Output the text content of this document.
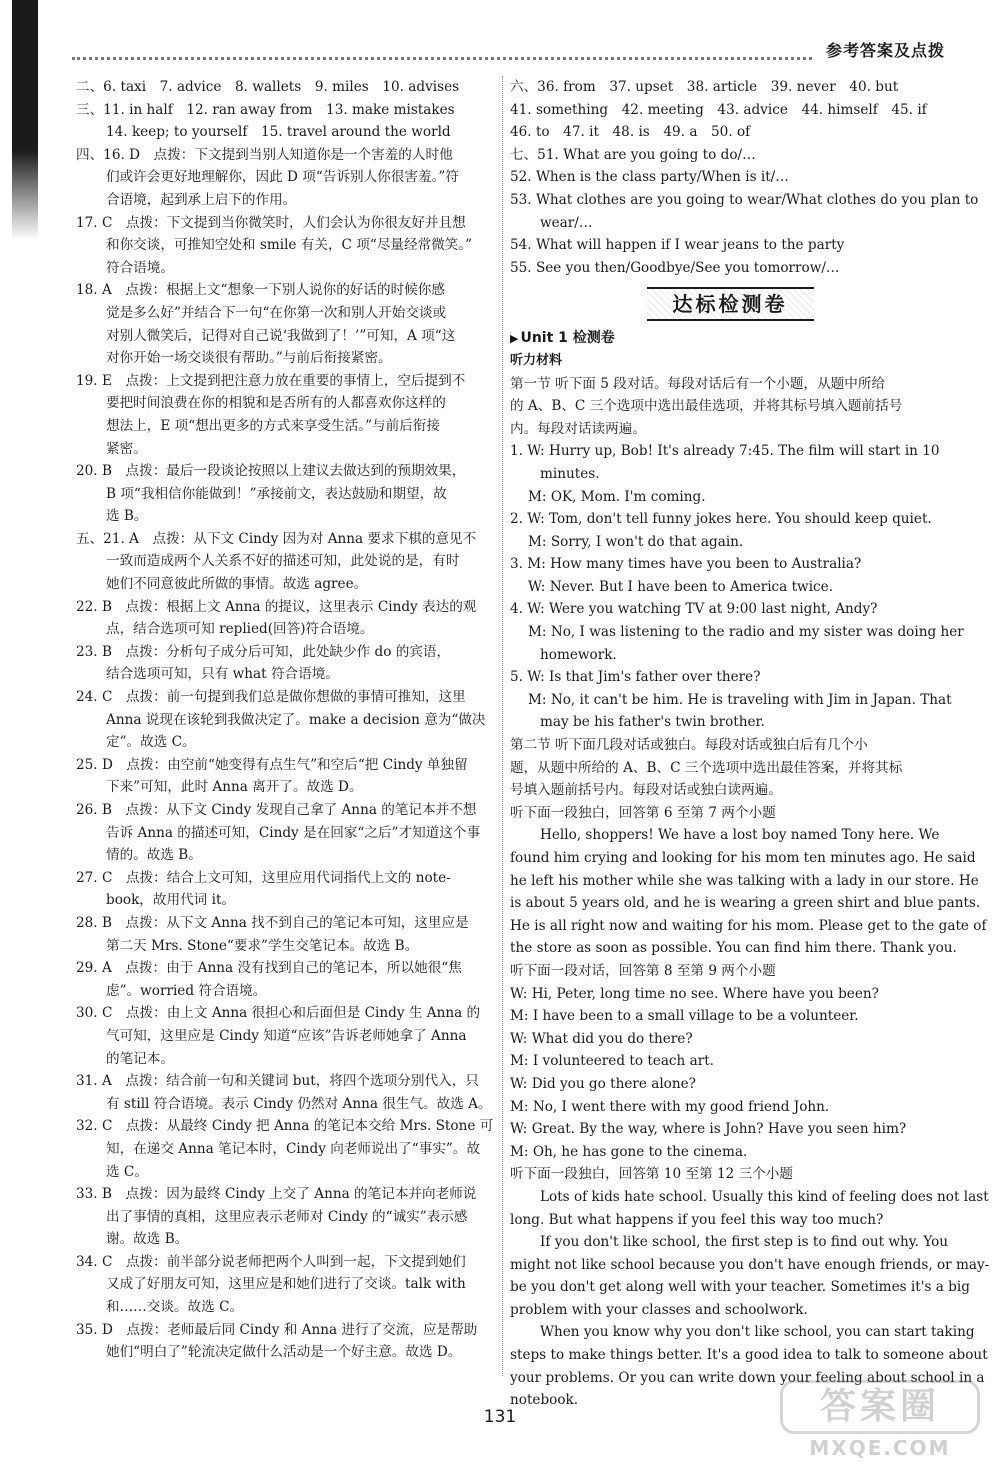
参考答案及点拨
二、6. taxi　7. advice　8. wallets　9. miles　10. advises
三、11. in half　12. ran away from　13. make mistakes
14. keep; to yourself　15. travel around the world
四、16. D　点拨：下文提到当别人知道你是一个害羞的人时他
们或许会更好地理解你，因此 D 项“告诉别人你很害羞。”符
合语境，起到承上启下的作用。
17. C　点拨：下文提到当你微笑时，人们会认为你很友好并且想
和你交谈，可推知空处和 smile 有关，C 项“尽量经常微笑。”
符合语境。
18. A　点拨：根据上文“想象一下别人说你的好话的时候你感
觉是多么好”并结合下一句“在你第一次和别人开始交谈或
对别人微笑后，记得对自己说‘我做到了！’”可知，A 项“这
对你开始一场交谈很有帮助。”与前后衔接紧密。
19. E　点拨：上文提到把注意力放在重要的事情上，空后提到不
要把时间浪费在你的相貌和是否所有的人都喜欢你这样的
想法上，E 项“想出更多的方式来享受生活。”与前后衔接
紧密。
20. B　点拨：最后一段谈论按照以上建议去做达到的预期效果，
B 项“我相信你能做到！”承接前文，表达鼓励和期望，故
选 B。
五、21. A　点拨：从下文 Cindy 因为对 Anna 要求下棋的意见不
一致而造成两个人关系不好的描述可知，此处说的是，有时
她们不同意彼此所做的事情。故选 agree。
22. B　点拨：根据上文 Anna 的提议，这里表示 Cindy 表达的观
点，结合选项可知 replied(回答)符合语境。
23. B　点拨：分析句子成分后可知，此处缺少作 do 的宾语，
结合选项可知，只有 what 符合语境。
24. C　点拨：前一句提到我们总是做你想做的事情可推知，这里
Anna 说现在该轮到我做决定了。make a decision 意为“做决
定”。故选 C。
25. D　点拨：由空前“她变得有点生气”和空后“把 Cindy 单独留
下来”可知，此时 Anna 离开了。故选 D。
26. B　点拨：从下文 Cindy 发现自己拿了 Anna 的笔记本并不想
告诉 Anna 的描述可知，Cindy 是在回家“之后”才知道这个事
情的。故选 B。
27. C　点拨：结合上文可知，这里应用代词指代上文的 note-
book，故用代词 it。
28. B　点拨：从下文 Anna 找不到自己的笔记本可知，这里应是
第二天 Mrs. Stone“要求”学生交笔记本。故选 B。
29. A　点拨：由于 Anna 没有找到自己的笔记本，所以她很“焦
虑”。worried 符合语境。
30. C　点拨：由上文 Anna 很担心和后面但是 Cindy 生 Anna 的
气可知，这里应是 Cindy 知道“应该”告诉老师她拿了 Anna
的笔记本。
31. A　点拨：结合前一句和关键词 but，将四个选项分别代入，只
有 still 符合语境。表示 Cindy 仍然对 Anna 很生气。故选 A。
32. C　点拨：从最终 Cindy 把 Anna 的笔记本交给 Mrs. Stone 可
知，在递交 Anna 笔记本时，Cindy 向老师说出了“事实”。故
选 C。
33. B　点拨：因为最终 Cindy 上交了 Anna 的笔记本并向老师说
出了事情的真相，这里应表示老师对 Cindy 的“诚实”表示感
谢。故选 B。
34. C　点拨：前半部分说老师把两个人叫到一起，下文提到她们
又成了好朋友可知，这里应是和她们进行了交谈。talk with
和……交谈。故选 C。
35. D　点拨：老师最后同 Cindy 和 Anna 进行了交流，应是帮助
她们“明白了”轮流决定做什么活动是一个好主意。故选 D。
六、36. from　37. upset　38. article　39. never　40. but
41. something　42. meeting　43. advice　44. himself　45. if
46. to　47. it　48. is　49. a　50. of
七、51. What are you going to do/…
52. When is the class party/When is it/…
53. What clothes are you going to wear/What clothes do you plan to
wear/…
54. What will happen if I wear jeans to the party
55. See you then/Goodbye/See you tomorrow/…
达标检测卷
▶ Unit 1 检测卷
听力材料
第一节 听下面 5 段对话。每段对话后有一个小题，从题中所给
的 A、B、C 三个选项中选出最佳选项，并将其标号填入题前括号
内。每段对话读两遍。
1. W: Hurry up, Bob! It's already 7:45. The film will start in 10
minutes.
M: OK, Mom. I'm coming.
2. W: Tom, don't tell funny jokes here. You should keep quiet.
M: Sorry, I won't do that again.
3. M: How many times have you been to Australia?
W: Never. But I have been to America twice.
4. W: Were you watching TV at 9:00 last night, Andy?
M: No, I was listening to the radio and my sister was doing her
homework.
5. W: Is that Jim's father over there?
M: No, it can't be him. He is traveling with Jim in Japan. That
may be his father's twin brother.
第二节 听下面几段对话或独白。每段对话或独白后有几个小
题，从题中所给的 A、B、C 三个选项中选出最佳答案，并将其标
号填入题前括号内。每段对话或独白读两遍。
听下面一段独白，回答第 6 至第 7 两个小题
Hello, shoppers! We have a lost boy named Tony here. We
found him crying and looking for his mom ten minutes ago. He said
he left his mother while she was talking with a lady in our store. He
is about 5 years old, and he is wearing a green shirt and blue pants.
He is all right now and waiting for his mom. Please get to the gate of
the store as soon as possible. You can find him there. Thank you.
听下面一段对话，回答第 8 至第 9 两个小题
W: Hi, Peter, long time no see. Where have you been?
M: I have been to a small village to be a volunteer.
W: What did you do there?
M: I volunteered to teach art.
W: Did you go there alone?
M: No, I went there with my good friend John.
W: Great. By the way, where is John? Have you seen him?
M: Oh, he has gone to the cinema.
听下面一段独白，回答第 10 至第 12 三个小题
Lots of kids hate school. Usually this kind of feeling does not last
long. But what happens if you feel this way too much?
If you don't like school, the first step is to find out why. You
might not like school because you don't have enough friends, or may-
be you don't get along well with your teacher. Sometimes it's a big
problem with your classes and schoolwork.
When you know why you don't like school, you can start taking
steps to make things better. It's a good idea to talk to someone about
your problems. Or you can write down your feeling about school in a
notebook.
131	答案圈
MXQE.COM
